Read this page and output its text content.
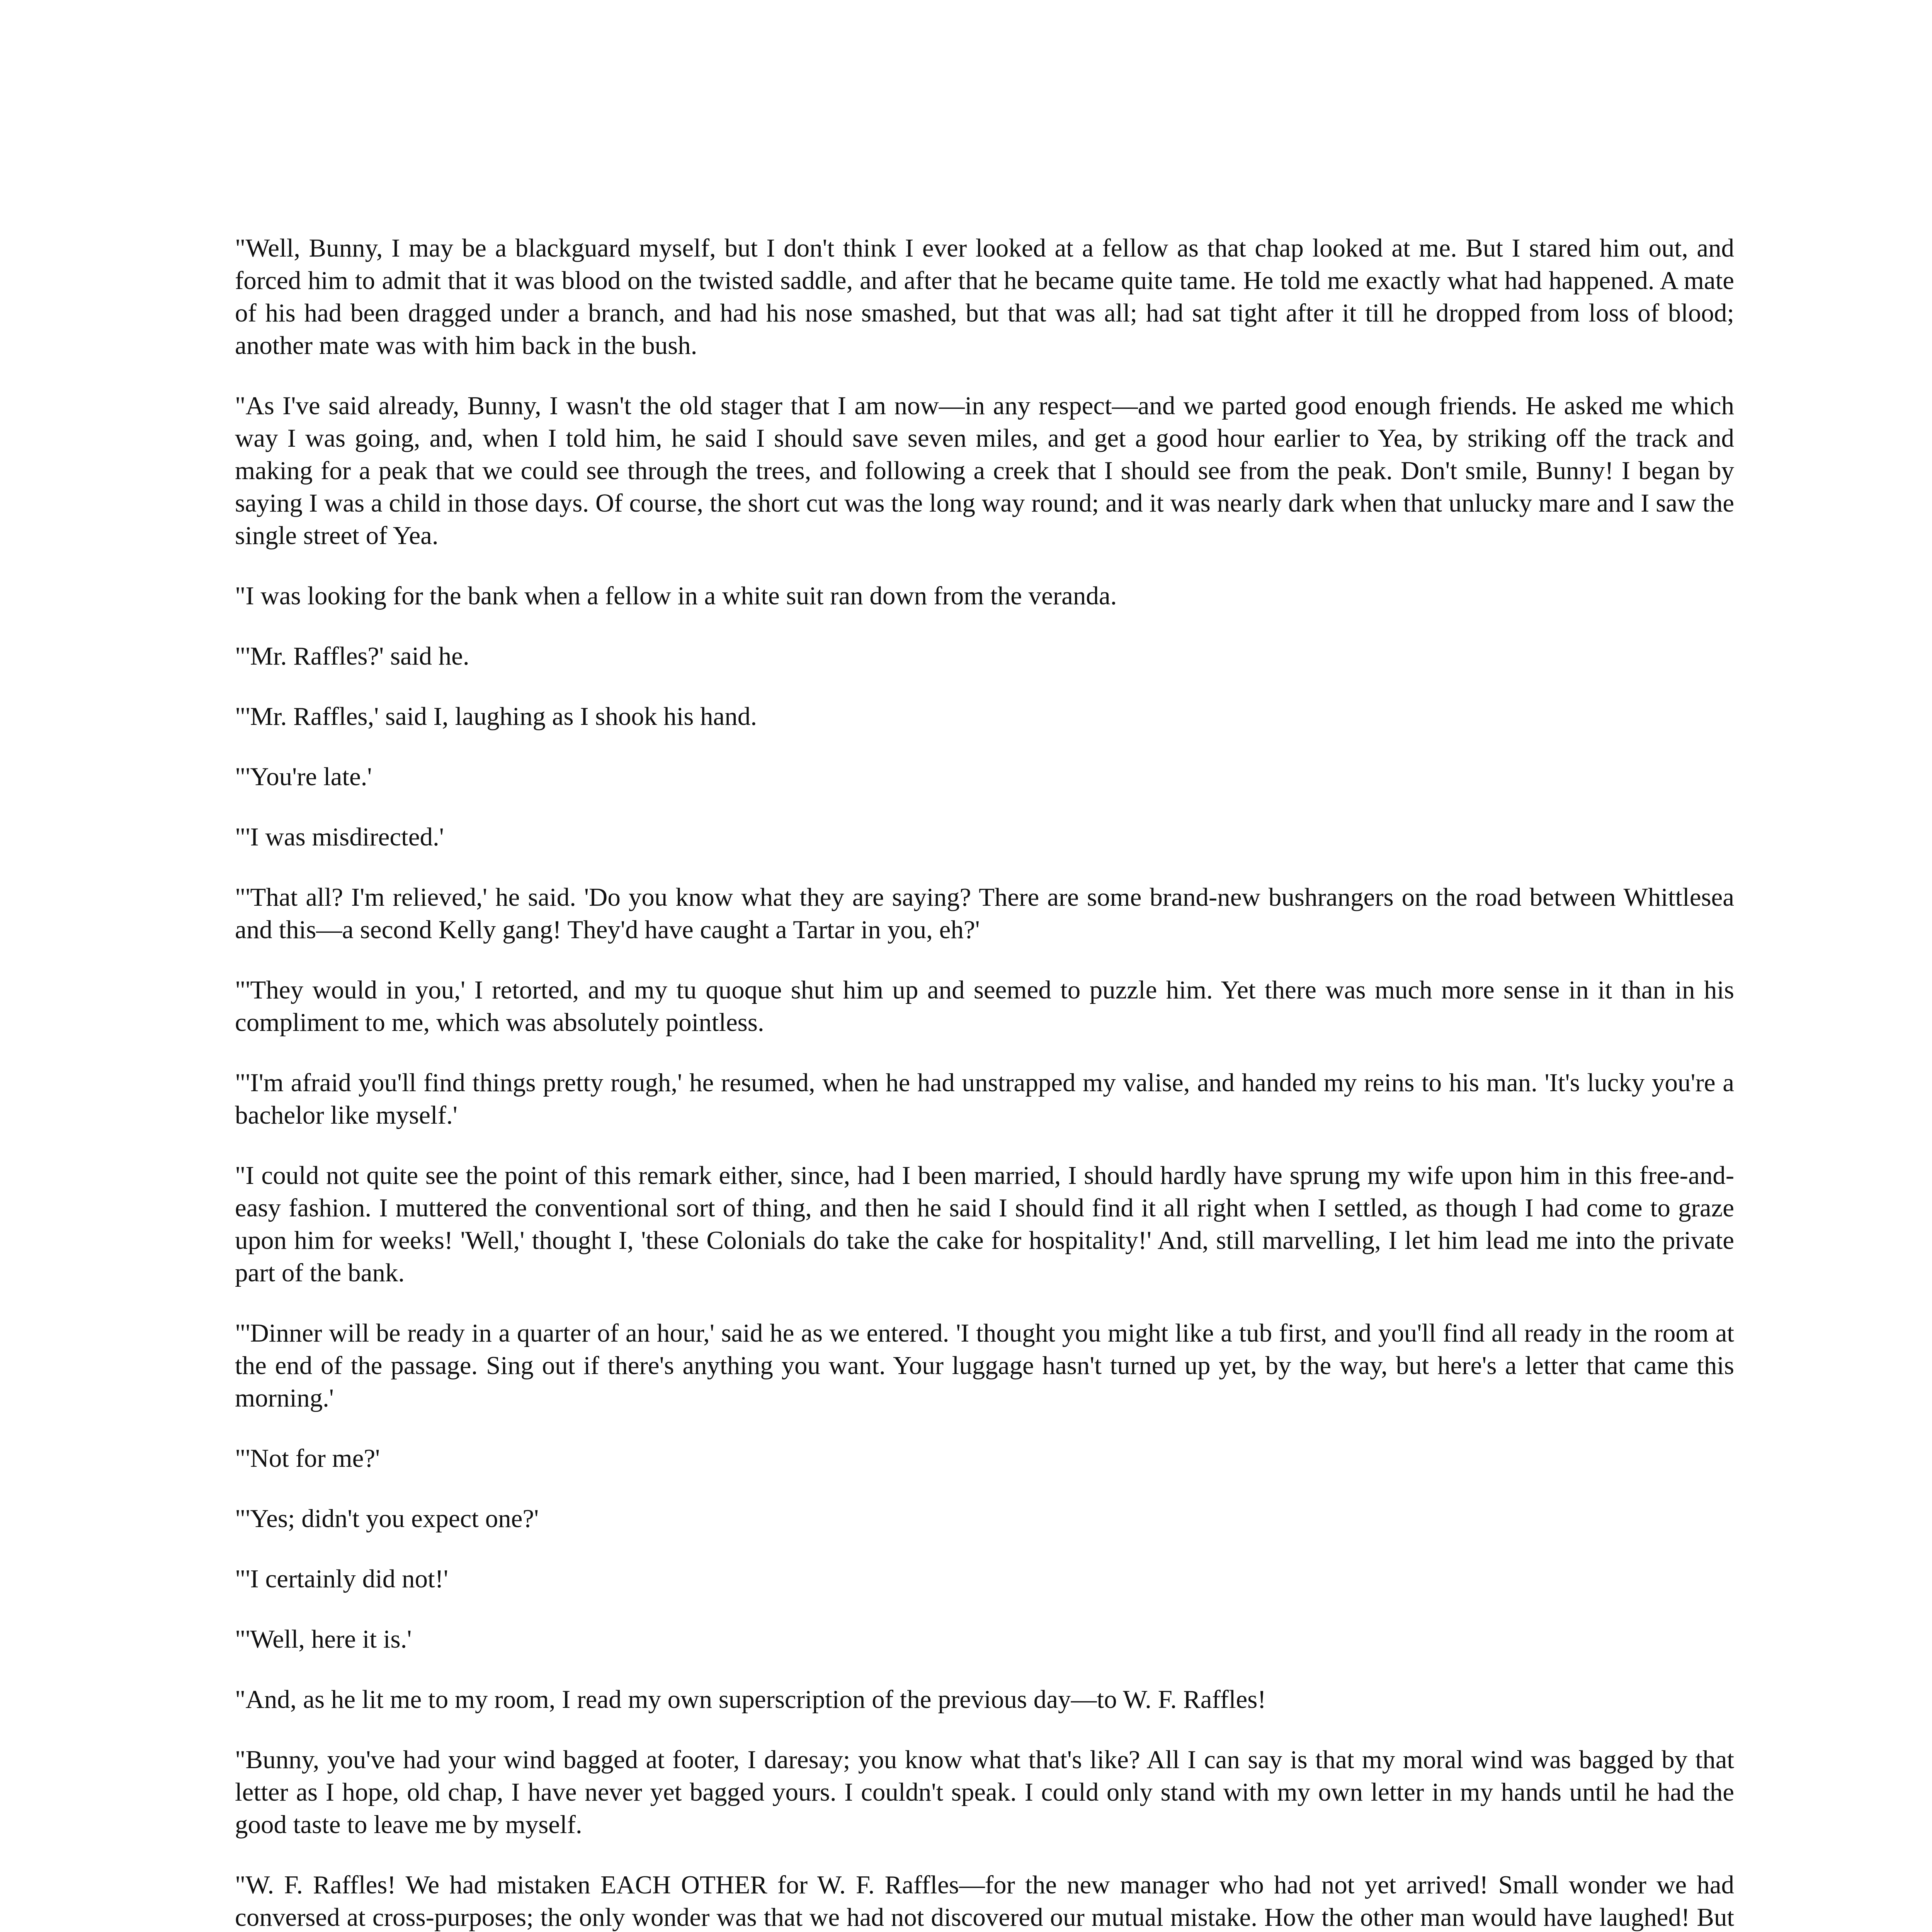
"Well, Bunny, I may be a blackguard myself, but I don't think I ever looked at a fellow as that chap looked at me. But I stared him out, and forced him to admit that it was blood on the twisted saddle, and after that he became quite tame. He told me exactly what had happened. A mate of his had been dragged under a branch, and had his nose smashed, but that was all; had sat tight after it till he dropped from loss of blood; another mate was with him back in the bush.

"As I've said already, Bunny, I wasn't the old stager that I am now—in any respect—and we parted good enough friends. He asked me which way I was going, and, when I told him, he said I should save seven miles, and get a good hour earlier to Yea, by striking off the track and making for a peak that we could see through the trees, and following a creek that I should see from the peak. Don't smile, Bunny! I began by saying I was a child in those days. Of course, the short cut was the long way round; and it was nearly dark when that unlucky mare and I saw the single street of Yea.

"I was looking for the bank when a fellow in a white suit ran down from the veranda.

"'Mr. Raffles?' said he.

"'Mr. Raffles,' said I, laughing as I shook his hand.

"'You're late.'

"'I was misdirected.'

"'That all? I'm relieved,' he said. 'Do you know what they are saying? There are some brand-new bushrangers on the road between Whittlesea and this—a second Kelly gang! They'd have caught a Tartar in you, eh?'

"'They would in you,' I retorted, and my tu quoque shut him up and seemed to puzzle him. Yet there was much more sense in it than in his compliment to me, which was absolutely pointless.

"'I'm afraid you'll find things pretty rough,' he resumed, when he had unstrapped my valise, and handed my reins to his man. 'It's lucky you're a bachelor like myself.'

"I could not quite see the point of this remark either, since, had I been married, I should hardly have sprung my wife upon him in this free-and-easy fashion. I muttered the conventional sort of thing, and then he said I should find it all right when I settled, as though I had come to graze upon him for weeks! 'Well,' thought I, 'these Colonials do take the cake for hospitality!' And, still marvelling, I let him lead me into the private part of the bank.

"'Dinner will be ready in a quarter of an hour,' said he as we entered. 'I thought you might like a tub first, and you'll find all ready in the room at the end of the passage. Sing out if there's anything you want. Your luggage hasn't turned up yet, by the way, but here's a letter that came this morning.'

"'Not for me?'

"'Yes; didn't you expect one?'

"'I certainly did not!'

"'Well, here it is.'

"And, as he lit me to my room, I read my own superscription of the previous day—to W. F. Raffles!

"Bunny, you've had your wind bagged at footer, I daresay; you know what that's like? All I can say is that my moral wind was bagged by that letter as I hope, old chap, I have never yet bagged yours. I couldn't speak. I could only stand with my own letter in my hands until he had the good taste to leave me by myself.

"W. F. Raffles! We had mistaken EACH OTHER for W. F. Raffles—for the new manager who had not yet arrived! Small wonder we had conversed at cross-purposes; the only wonder was that we had not discovered our mutual mistake. How the other man would have laughed! But
